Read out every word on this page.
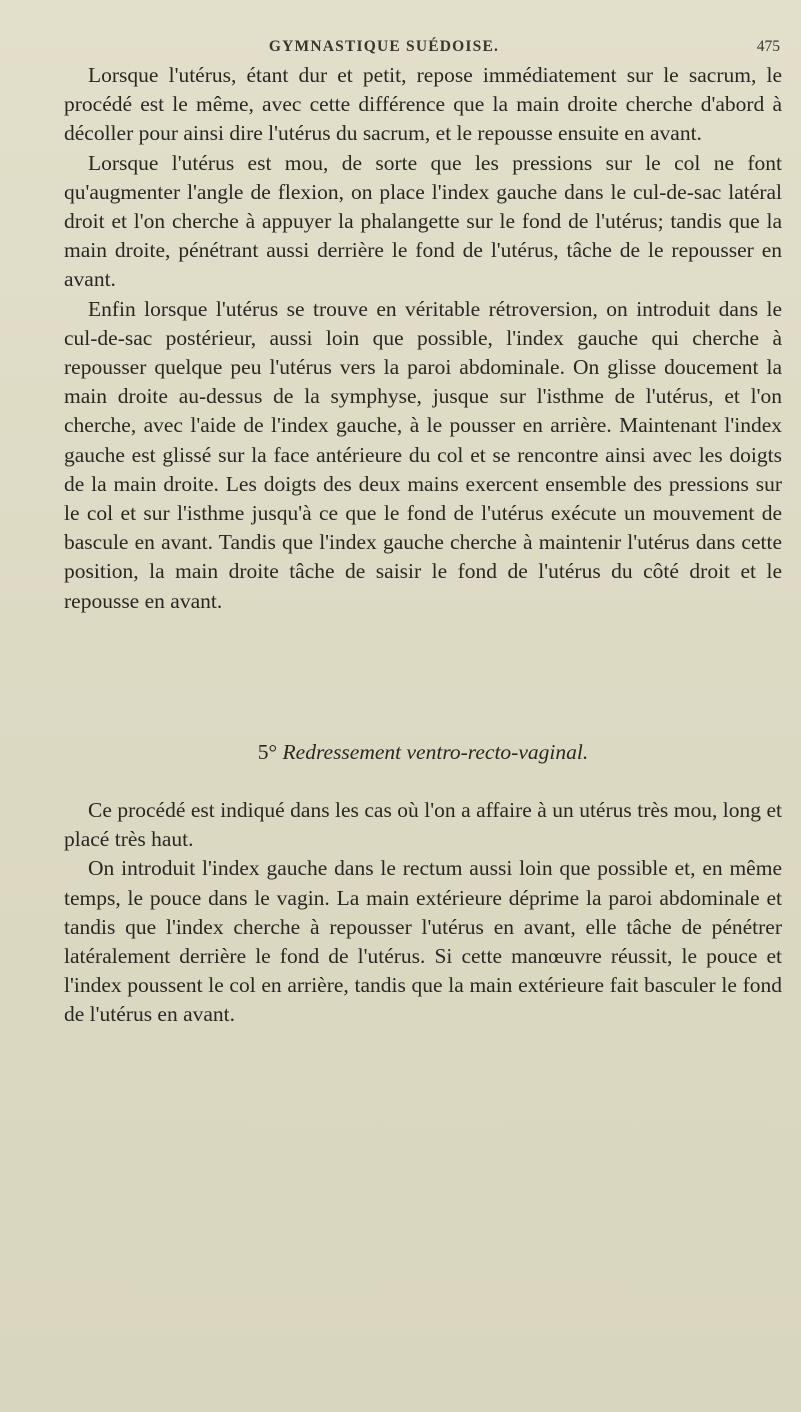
GYMNASTIQUE SUÉDOISE.	475

Lorsque l'utérus, étant dur et petit, repose immédiatement sur le sacrum, le procédé est le même, avec cette différence que la main droite cherche d'abord à décoller pour ainsi dire l'utérus du sacrum, et le repousse ensuite en avant.

Lorsque l'utérus est mou, de sorte que les pressions sur le col ne font qu'augmenter l'angle de flexion, on place l'index gauche dans le cul-de-sac latéral droit et l'on cherche à appuyer la phalangette sur le fond de l'utérus; tandis que la main droite, pénétrant aussi derrière le fond de l'utérus, tâche de le repousser en avant.

Enfin lorsque l'utérus se trouve en véritable rétroversion, on introduit dans le cul-de-sac postérieur, aussi loin que possible, l'index gauche qui cherche à repousser quelque peu l'utérus vers la paroi abdominale. On glisse doucement la main droite au-dessus de la symphyse, jusque sur l'isthme de l'utérus, et l'on cherche, avec l'aide de l'index gauche, à le pousser en arrière. Maintenant l'index gauche est glissé sur la face antérieure du col et se rencontre ainsi avec les doigts de la main droite. Les doigts des deux mains exercent ensemble des pressions sur le col et sur l'isthme jusqu'à ce que le fond de l'utérus exécute un mouvement de bascule en avant. Tandis que l'index gauche cherche à maintenir l'utérus dans cette position, la main droite tâche de saisir le fond de l'utérus du côté droit et le repousse en avant.

5° Redressement ventro-recto-vaginal.

Ce procédé est indiqué dans les cas où l'on a affaire à un utérus très mou, long et placé très haut.

On introduit l'index gauche dans le rectum aussi loin que possible et, en même temps, le pouce dans le vagin. La main extérieure déprime la paroi abdominale et tandis que l'index cherche à repousser l'utérus en avant, elle tâche de pénétrer latéralement derrière le fond de l'utérus. Si cette manœuvre réussit, le pouce et l'index poussent le col en arrière, tandis que la main extérieure fait basculer le fond de l'utérus en avant.
